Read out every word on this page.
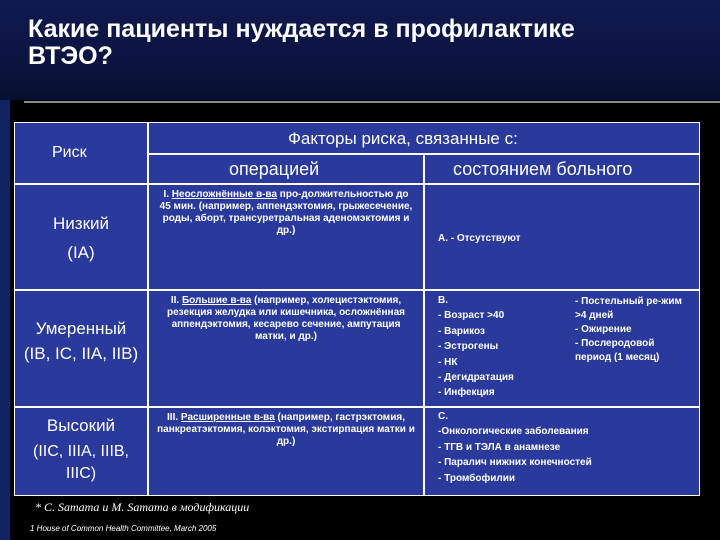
Какие пациенты нуждается в профилактике
ВТЭО?
Риск
Факторы риска, связанные с:
операцией	состоянием больного
Низкий
(IA)
I. Неосложнённые в-ва про-должительностью до 45 мин. (например, аппендэктомия, грыжесечение, роды, аборт, трансуретральная аденомэктомия и др.)
А. - Отсутствуют
Умеренный
(IB, IC, IIA, IIB)
II. Большие в-ва (например, холецистэктомия, резекция желудка или кишечника, осложнённая аппендэктомия, кесарево сечение, ампутация матки, и др.)
В.
- Возраст >40
- Варикоз
- Эстрогены
- НК
- Дегидратация
- Инфекция
- Постельный ре-жим >4 дней
- Ожирение
- Послеродовой период (1 месяц)
Высокий
(IIC, IIIA, IIIB, IIIC)
III. Расширенные в-ва (например, гастрэктомия, панкреатэктомия, колэктомия, экстирпация матки и др.)
С.
-Онкологические заболевания
- ТГВ и ТЭЛА в анамнезе
- Паралич нижних конечностей
- Тромбофилии
* С. Samama и М. Samama в модификации
1 House of Common Health Committee, March 2005
